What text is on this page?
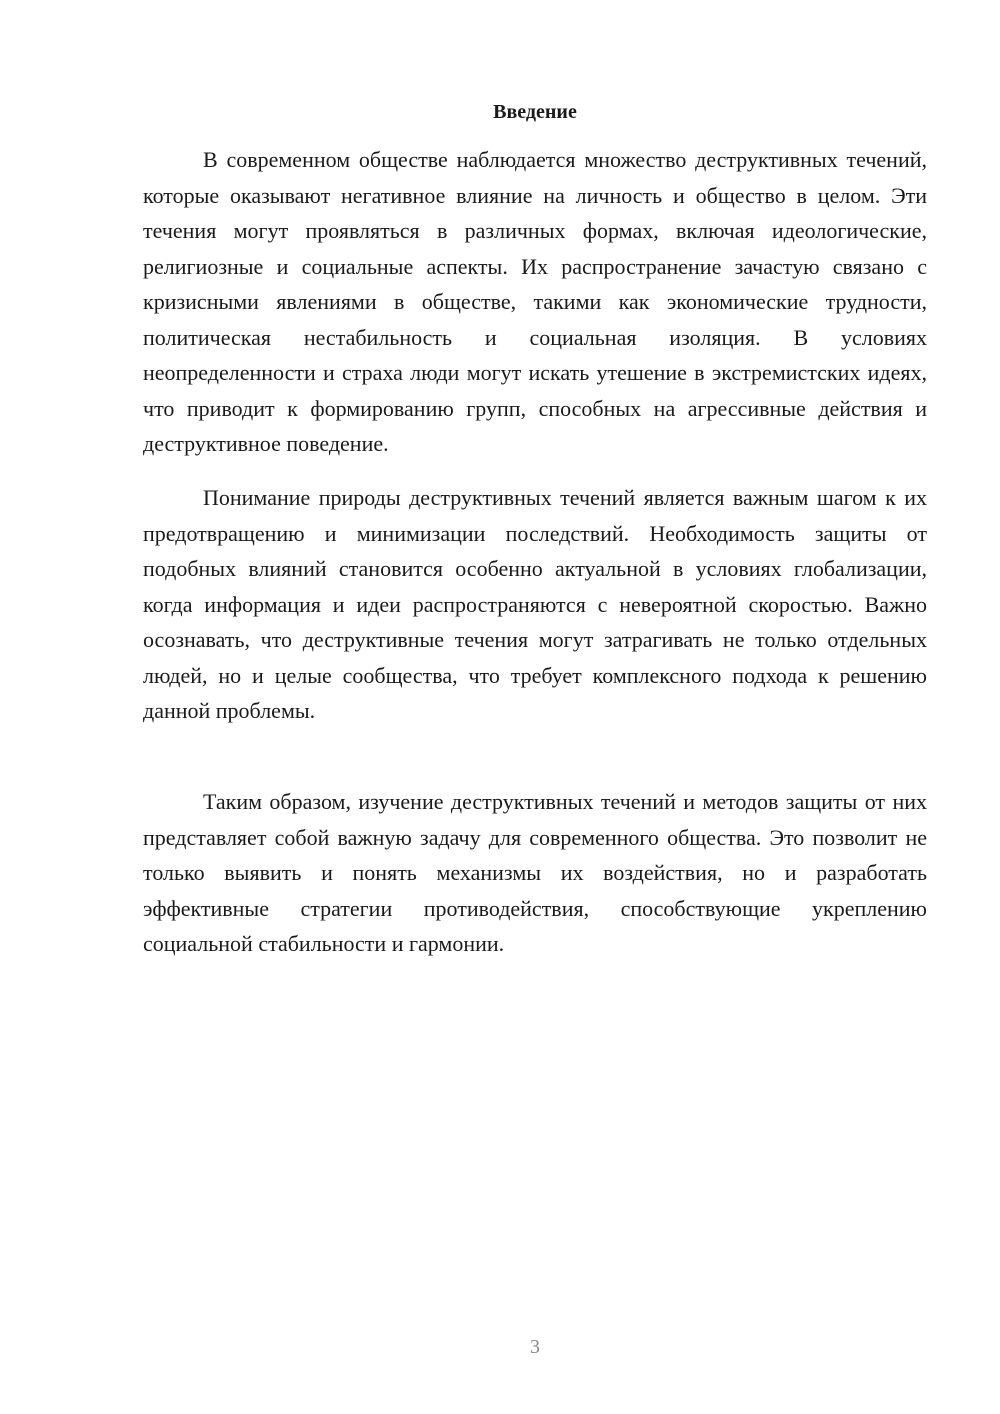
Введение

В современном обществе наблюдается множество деструктивных течений, которые оказывают негативное влияние на личность и общество в целом. Эти течения могут проявляться в различных формах, включая идеологические, религиозные и социальные аспекты. Их распространение зачастую связано с кризисными явлениями в обществе, такими как экономические трудности, политическая нестабильность и социальная изоляция. В условиях неопределенности и страха люди могут искать утешение в экстремистских идеях, что приводит к формированию групп, способных на агрессивные действия и деструктивное поведение.

Понимание природы деструктивных течений является важным шагом к их предотвращению и минимизации последствий. Необходимость защиты от подобных влияний становится особенно актуальной в условиях глобализации, когда информация и идеи распространяются с невероятной скоростью. Важно осознавать, что деструктивные течения могут затрагивать не только отдельных людей, но и целые сообщества, что требует комплексного подхода к решению данной проблемы.

Таким образом, изучение деструктивных течений и методов защиты от них представляет собой важную задачу для современного общества. Это позволит не только выявить и понять механизмы их воздействия, но и разработать эффективные стратегии противодействия, способствующие укреплению социальной стабильности и гармонии.

3
